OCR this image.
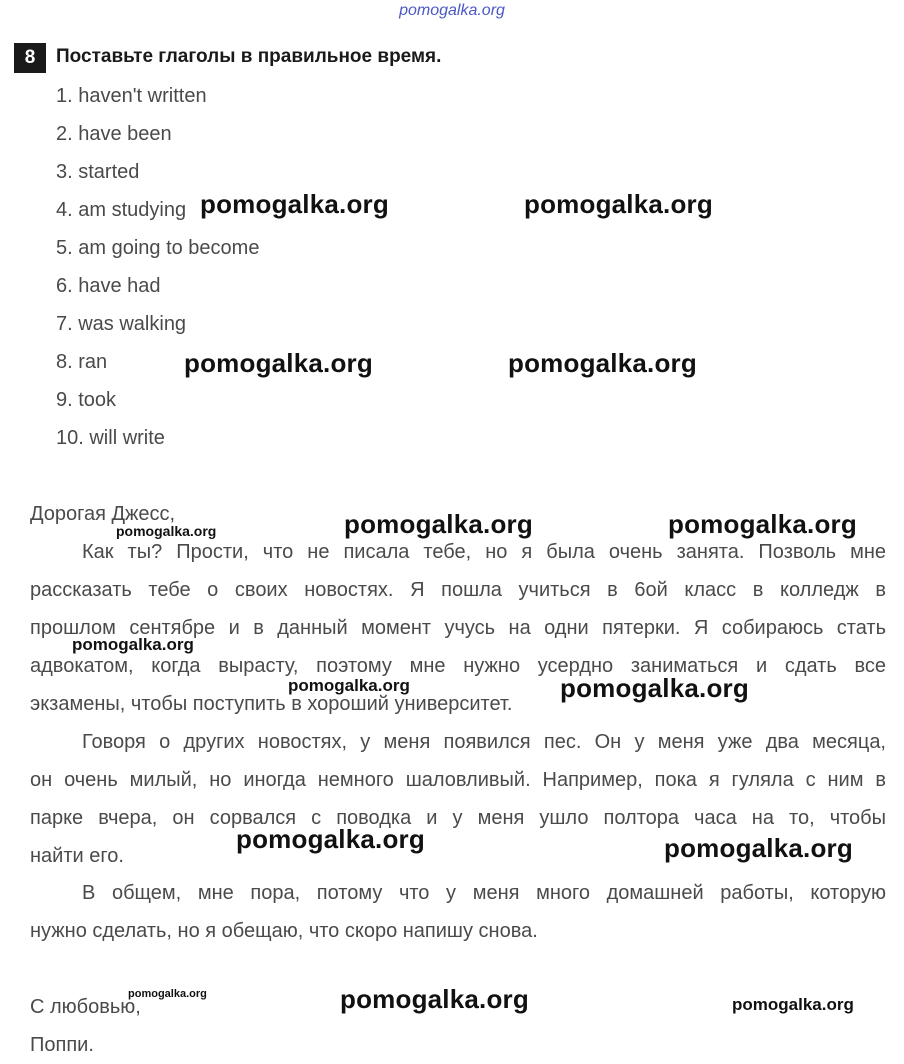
pomogalka.org
8	Поставьте глаголы в правильное время.
1. haven't written
2. have been
3. started
4. am studying
5. am going to become
6. have had
7. was walking
8. ran
9. took
10. will write
Дорогая Джесс,
Как ты? Прости, что не писала тебе, но я была очень занята. Позволь мне
рассказать тебе о своих новостях. Я пошла учиться в 6ой класс в колледж в
прошлом сентябре и в данный момент учусь на одни пятерки. Я собираюсь стать
адвокатом, когда вырасту, поэтому мне нужно усердно заниматься и сдать все
экзамены, чтобы поступить в хороший университет.
Говоря о других новостях, у меня появился пес. Он у меня уже два месяца,
он очень милый, но иногда немного шаловливый. Например, пока я гуляла с ним в
парке вчера, он сорвался с поводка и у меня ушло полтора часа на то, чтобы
найти его.
В общем, мне пора, потому что у меня много домашней работы, которую
нужно сделать, но я обещаю, что скоро напишу снова.
С любовью,
Поппи.
pomogalka.org	pomogalka.org
pomogalka.org	pomogalka.org
pomogalka.org	pomogalka.org	pomogalka.org
pomogalka.org
pomogalka.org	pomogalka.org
pomogalka.org	pomogalka.org
pomogalka.org	pomogalka.org	pomogalka.org
